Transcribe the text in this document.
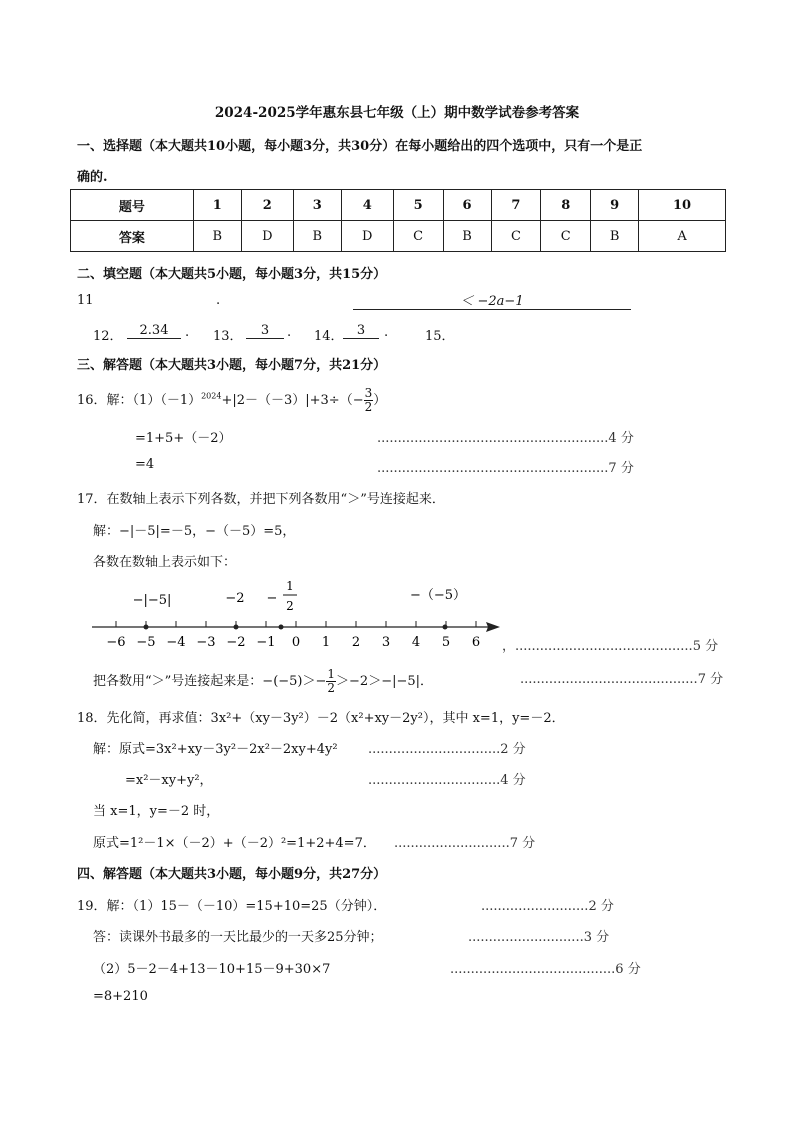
2024-2025学年惠东县七年级（上）期中数学试卷参考答案
一、选择题（本大题共10小题，每小题3分，共30分）在每小题给出的四个选项中，只有一个是正
确的.
题号	1	2	3	4	5	6	7	8	9	10
答案	B	D	B	D	C	B	C	C	B	A
二、填空题（本大题共5小题，每小题3分，共15分）
11	.	＜ −2a−1
12．	2.34	. 13．	3	. 14．	3	.	15．
三、解答题（本大题共3小题，每小题7分，共21分）
16．解：$(1)(-1)^{2024}+|2-(-3)|+3\div(- \frac{3}{2}$ ）
=1+5+（－2）	........................................................4 分
=4	........................................................7 分
17．在数轴上表示下列各数，并把下列各数用“＞”号连接起来．
解：−|－5|=－5，−（－5）=5，
各数在数轴上表示如下：
−6 −5 −4 −3 −2 −1 0 1 2 3 4 5 6
−|−5|	−2 −
1
2
−（−5）
，...........................................5 分
把各数用“＞”号连接起来是：$-(-5)>- \frac{1}{2} >-2>-|-5|$．	...........................................7 分
18．先化简，再求值：3x²+（xy－3y²）－2（x²+xy－2y²），其中 x=1，y=－2．
解：原式=3x²+xy－3y²－2x²－2xy+4y² ................................2 分
=x²－xy+y²，	................................4 分
当 x=1，y=－2 时，
原式=1²－1×（－2）+（－2）²=1+2+4=7． ............................7 分
四、解答题（本大题共3小题，每小题9分，共27分）
19．解：（1）15－（－10）=15+10=25（分钟）．	..........................2 分
答：读课外书最多的一天比最少的一天多25分钟；	............................3 分
（2）5－2－4+13－10+15－9+30×7	........................................6 分
=8+210
